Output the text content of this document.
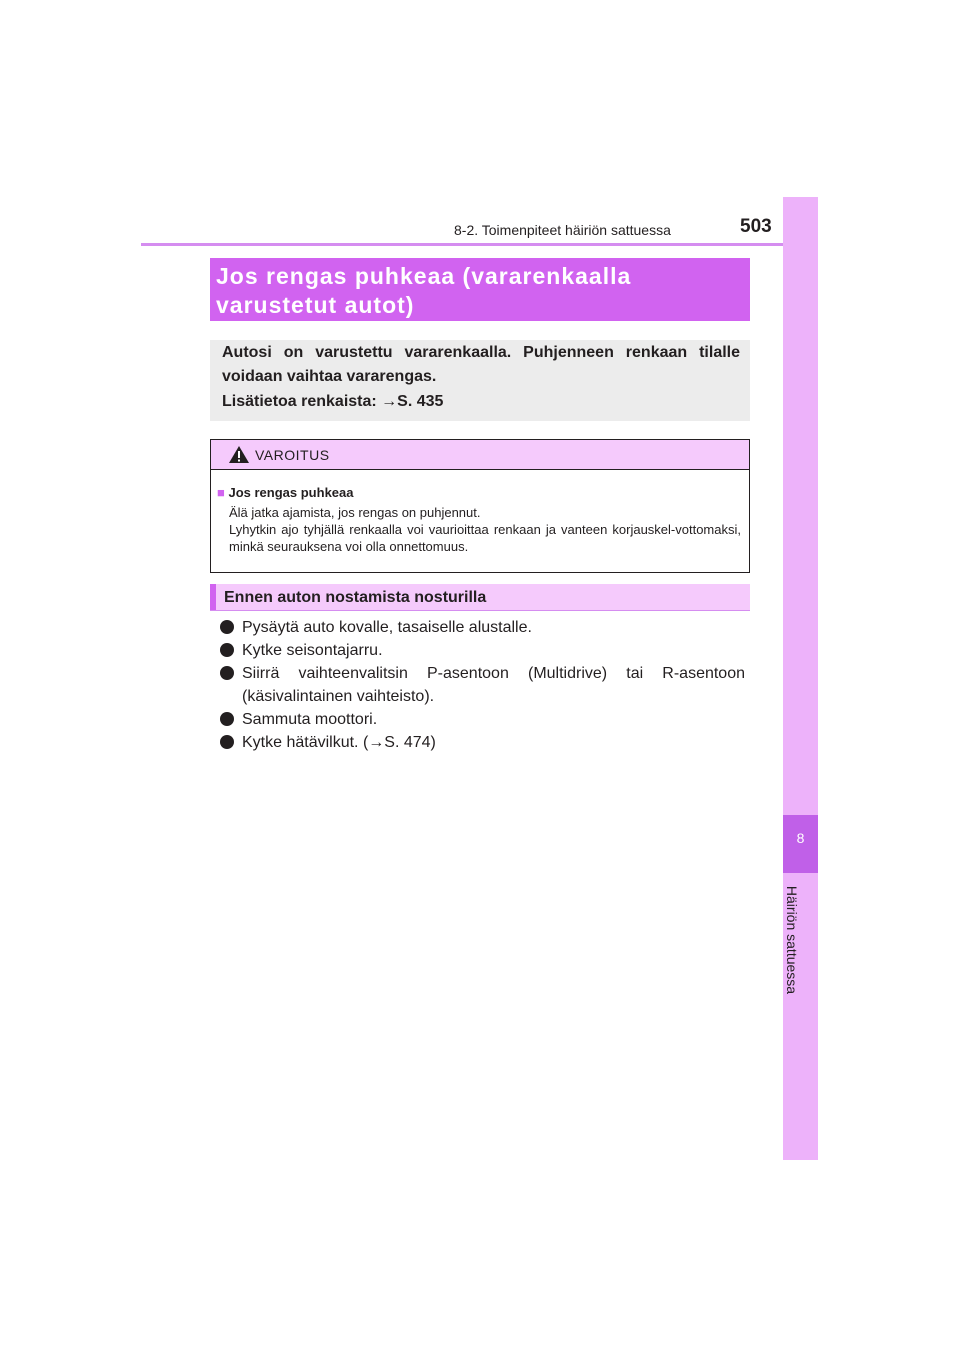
8-2. Toimenpiteet häiriön sattuessa	503
8
Häiriön sattuessa
Jos rengas puhkeaa (vararenkaalla varustetut autot)
Autosi on varustettu vararenkaalla. Puhjenneen renkaan tilalle voidaan vaihtaa vararengas.
Lisätietoa renkaista: →S. 435
VAROITUS
■ Jos rengas puhkeaa
Älä jatka ajamista, jos rengas on puhjennut.
Lyhytkin ajo tyhjällä renkaalla voi vaurioittaa renkaan ja vanteen korjauskel-vottomaksi, minkä seurauksena voi olla onnettomuus.
Ennen auton nostamista nosturilla
Pysäytä auto kovalle, tasaiselle alustalle.
Kytke seisontajarru.
Siirrä vaihteenvalitsin P-asentoon (Multidrive) tai R-asentoon (käsivalintainen vaihteisto).
Sammuta moottori.
Kytke hätävilkut. (→S. 474)
